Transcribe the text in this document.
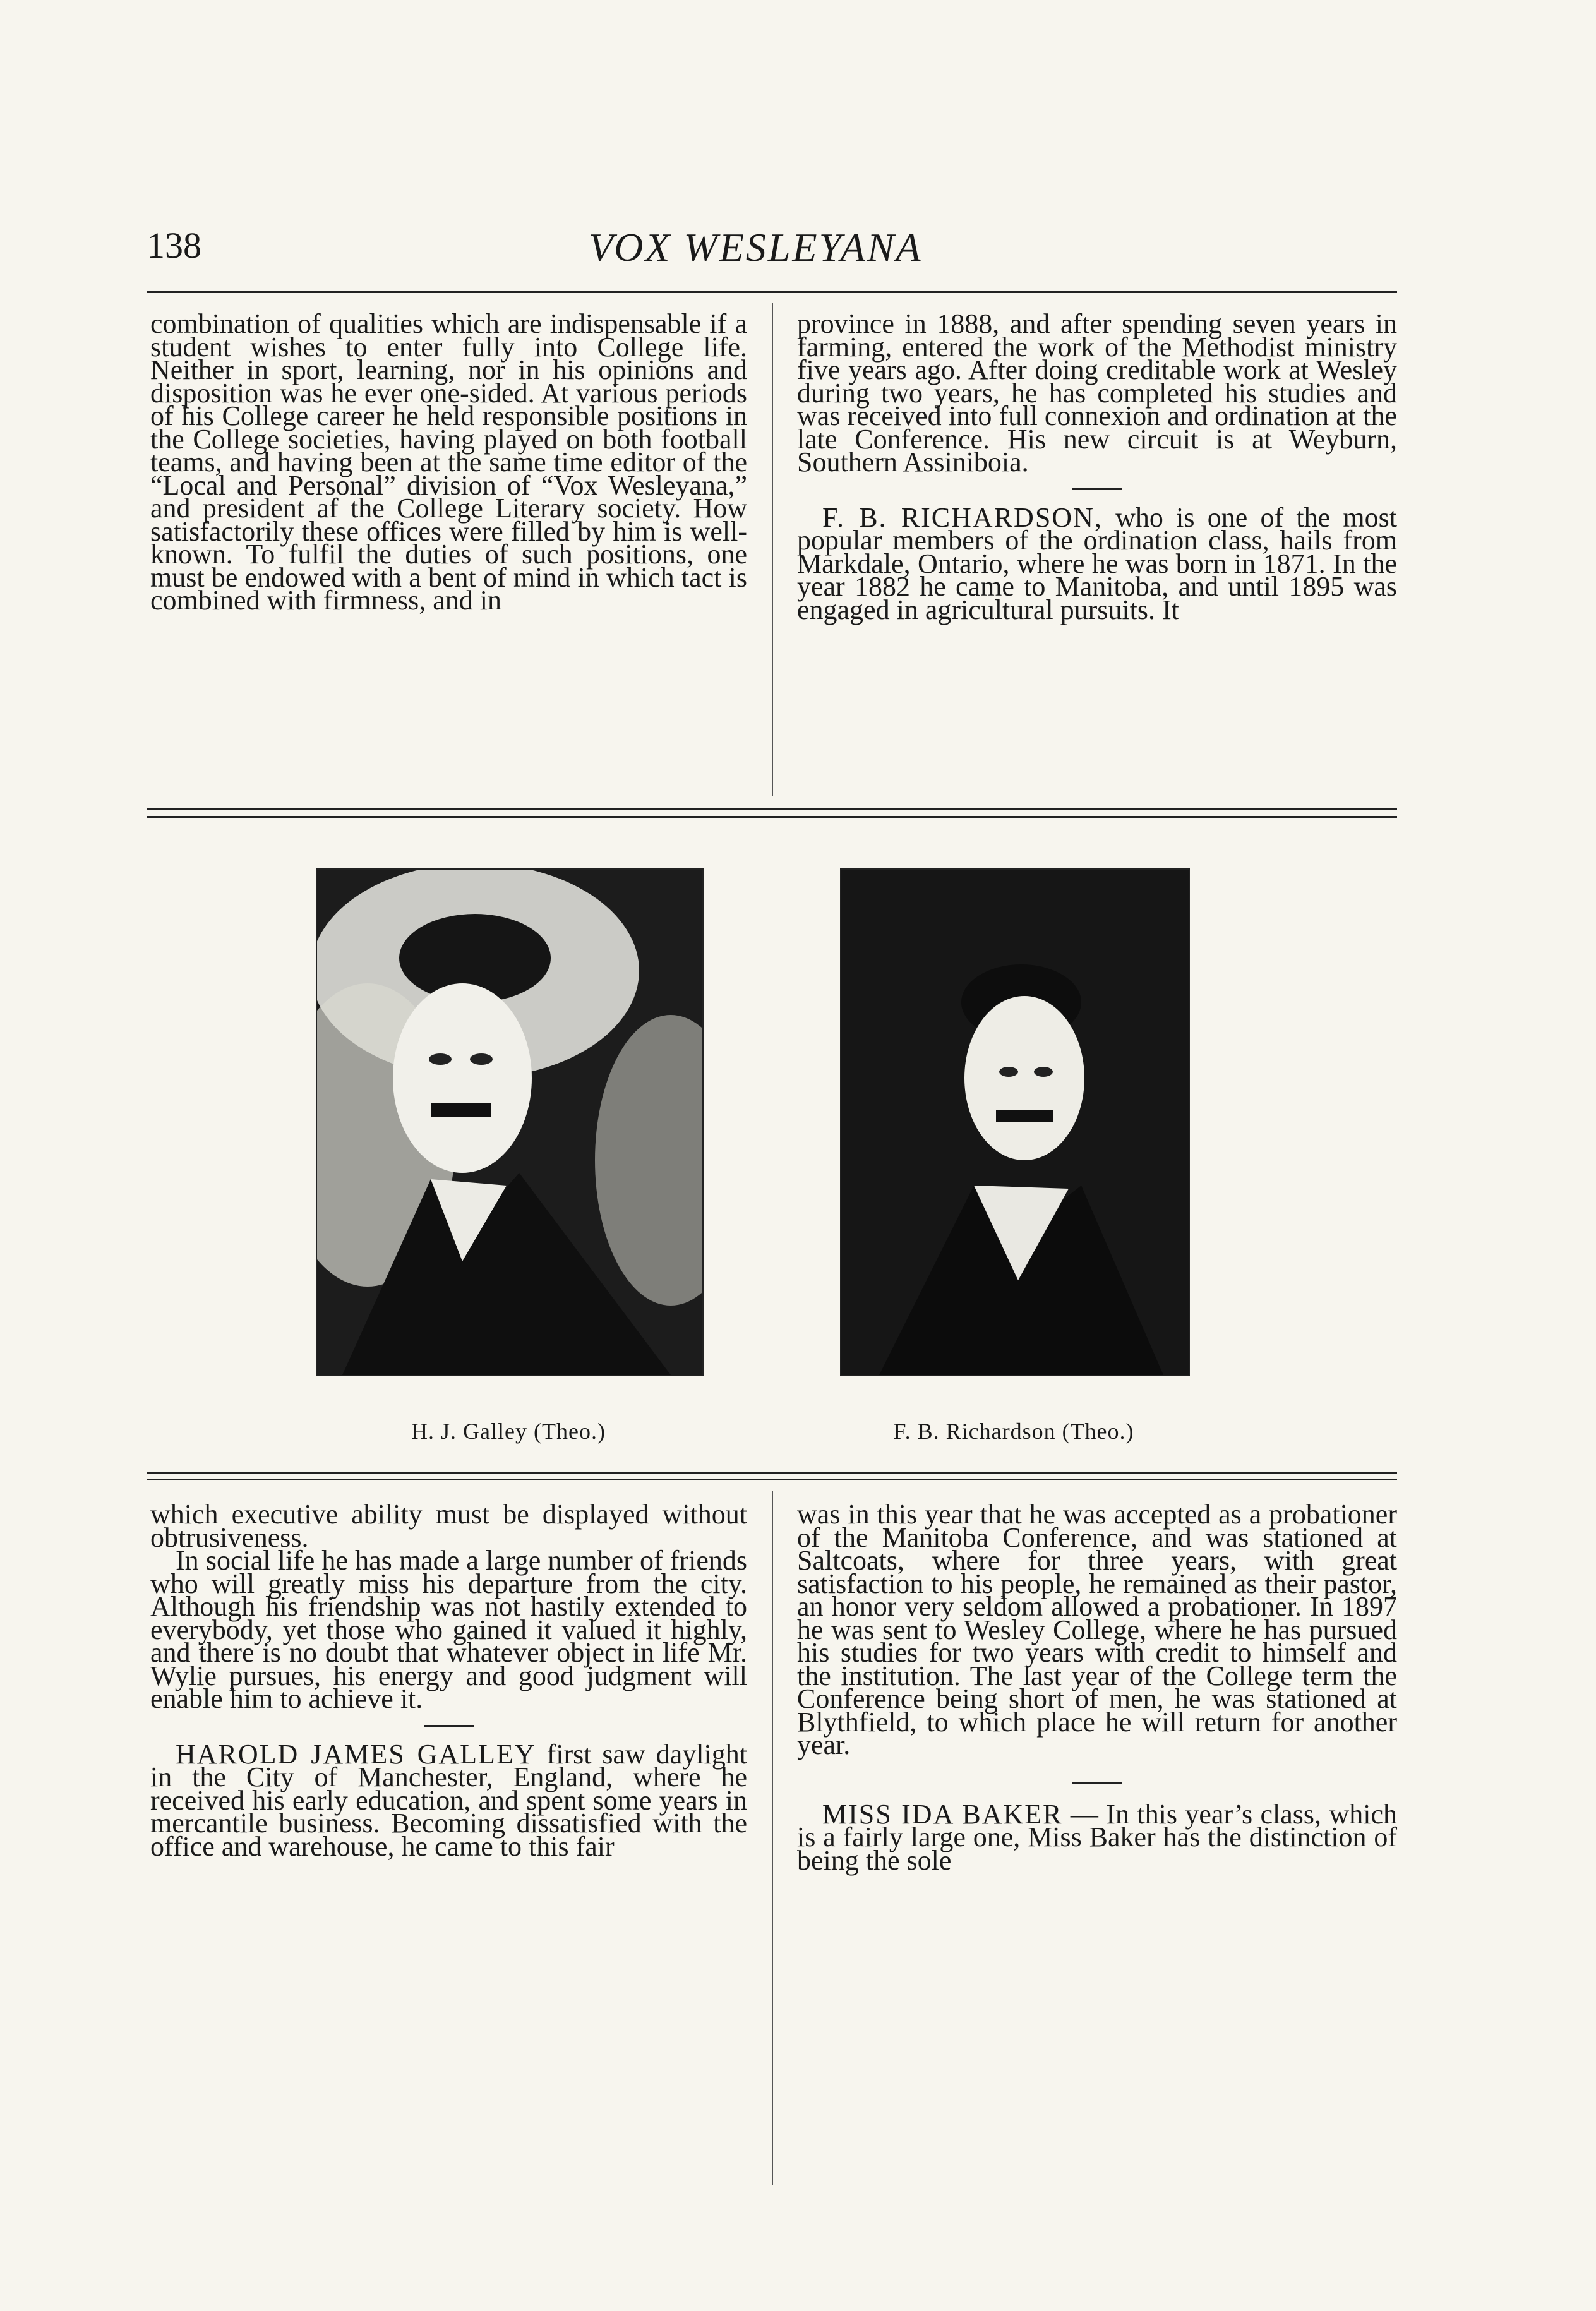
138	VOX WESLEYANA

combination of qualities which are indispensable if a student wishes to enter fully into College life. Neither in sport, learning, nor in his opinions and disposition was he ever one-sided. At various periods of his College career he held responsible positions in the College societies, having played on both football teams, and having been at the same time editor of the “Local and Personal” division of “Vox Wesleyana,” and president af the College Literary society. How satisfactorily these offices were filled by him is well-known. To fulfil the duties of such positions, one must be endowed with a bent of mind in which tact is combined with firmness, and in

province in 1888, and after spending seven years in farming, entered the work of the Methodist ministry five years ago. After doing creditable work at Wesley during two years, he has completed his studies and was received into full connexion and ordination at the late Conference. His new circuit is at Weyburn, Southern Assiniboia.

F. B. RICHARDSON, who is one of the most popular members of the ordination class, hails from Markdale, Ontario, where he was born in 1871. In the year 1882 he came to Manitoba, and until 1895 was engaged in agricultural pursuits. It

H. J. Galley (Theo.)	F. B. Richardson (Theo.)

which executive ability must be displayed without obtrusiveness.

In social life he has made a large number of friends who will greatly miss his departure from the city. Although his friendship was not hastily extended to everybody, yet those who gained it valued it highly, and there is no doubt that whatever object in life Mr. Wylie pursues, his energy and good judgment will enable him to achieve it.

HAROLD JAMES GALLEY first saw daylight in the City of Manchester, England, where he received his early education, and spent some years in mercantile business. Becoming dissatisfied with the office and warehouse, he came to this fair

was in this year that he was accepted as a probationer of the Manitoba Conference, and was stationed at Saltcoats, where for three years, with great satisfaction to his people, he remained as their pastor, an honor very seldom allowed a probationer. In 1897 he was sent to Wesley College, where he has pursued his studies for two years with credit to himself and the institution. The last year of the College term the Conference being short of men, he was stationed at Blythfield, to which place he will return for another year.

MISS IDA BAKER — In this year’s class, which is a fairly large one, Miss Baker has the distinction of being the sole
